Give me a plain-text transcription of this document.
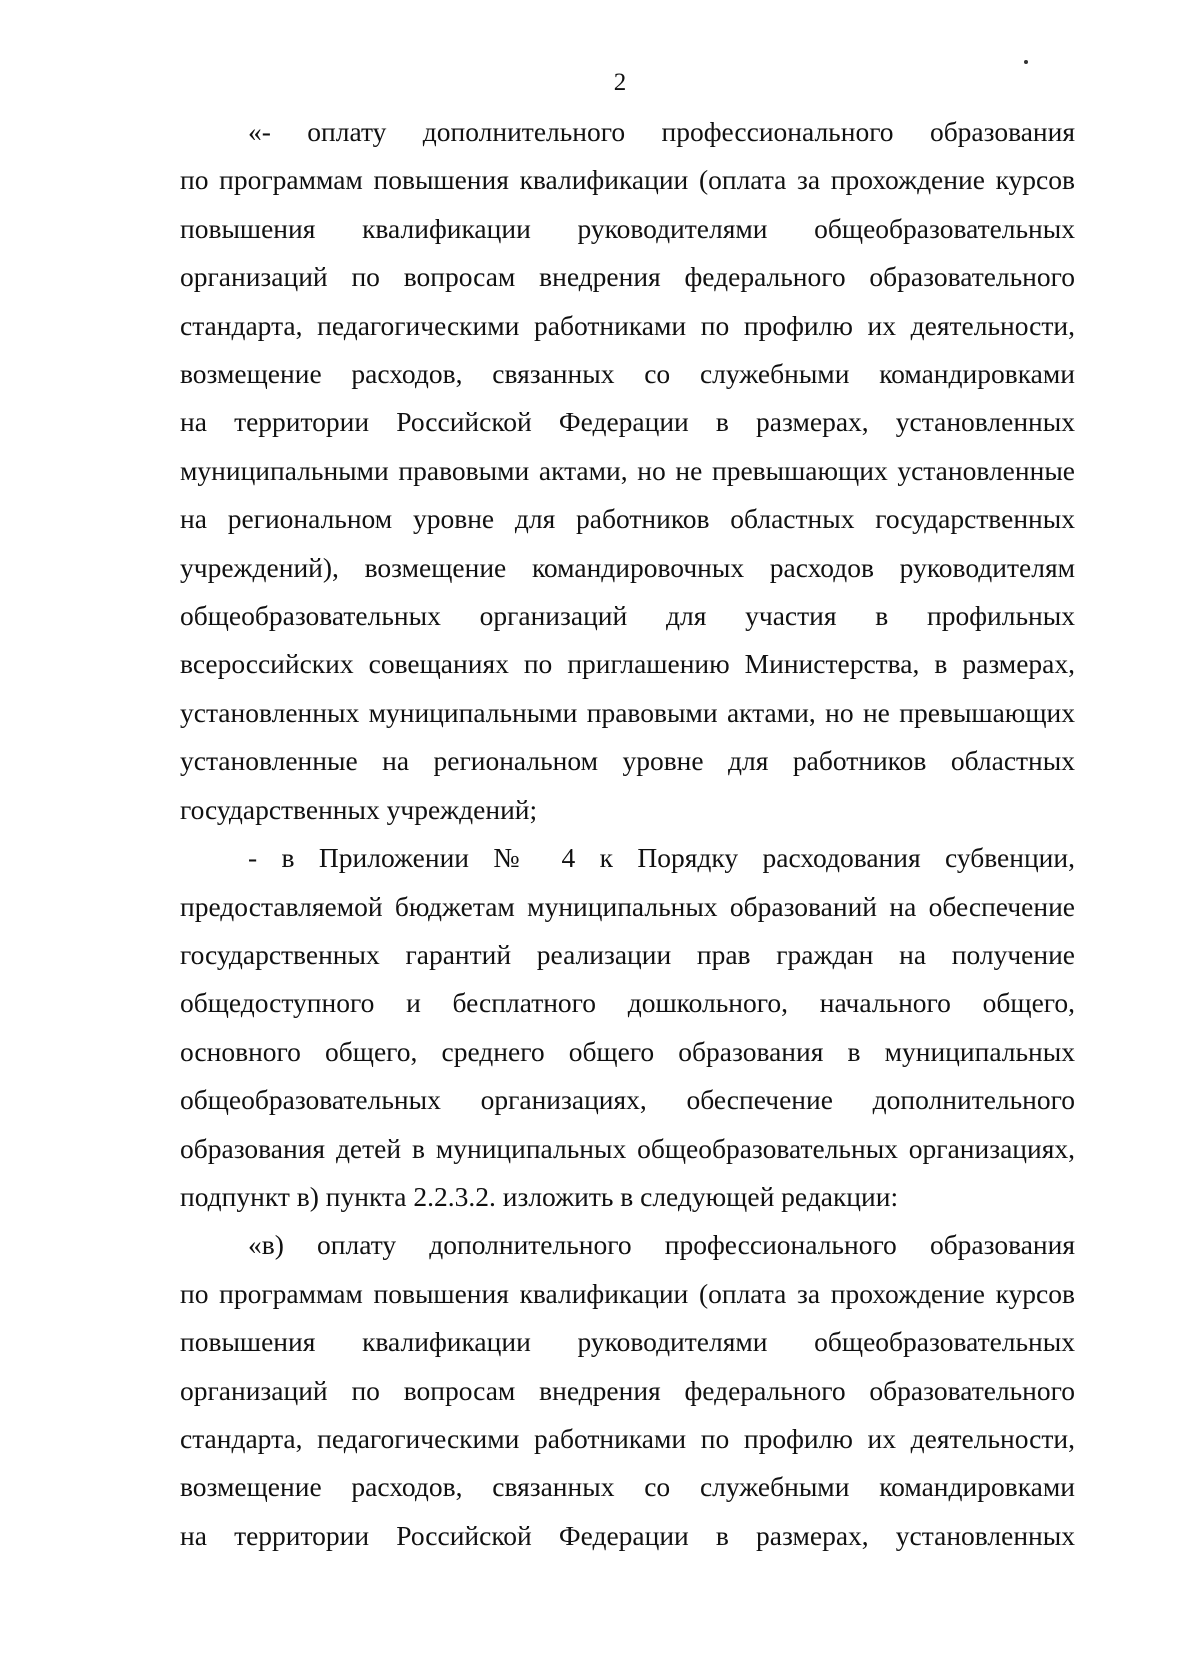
2

«- оплату дополнительного профессионального образования
по программам повышения квалификации (оплата за прохождение курсов
повышения квалификации руководителями общеобразовательных
организаций по вопросам внедрения федерального образовательного
стандарта, педагогическими работниками по профилю их деятельности,
возмещение расходов, связанных со служебными командировками
на территории Российской Федерации в размерах, установленных
муниципальными правовыми актами, но не превышающих установленные
на региональном уровне для работников областных государственных
учреждений), возмещение командировочных расходов руководителям
общеобразовательных организаций для участия в профильных
всероссийских совещаниях по приглашению Министерства, в размерах,
установленных муниципальными правовыми актами, но не превышающих
установленные на региональном уровне для работников областных
государственных учреждений;

- в Приложении № 4 к Порядку расходования субвенции,
предоставляемой бюджетам муниципальных образований на обеспечение
государственных гарантий реализации прав граждан на получение
общедоступного и бесплатного дошкольного, начального общего,
основного общего, среднего общего образования в муниципальных
общеобразовательных организациях, обеспечение дополнительного
образования детей в муниципальных общеобразовательных организациях,
подпункт в) пункта 2.2.3.2. изложить в следующей редакции:

«в) оплату дополнительного профессионального образования
по программам повышения квалификации (оплата за прохождение курсов
повышения квалификации руководителями общеобразовательных
организаций по вопросам внедрения федерального образовательного
стандарта, педагогическими работниками по профилю их деятельности,
возмещение расходов, связанных со служебными командировками
на территории Российской Федерации в размерах, установленных
